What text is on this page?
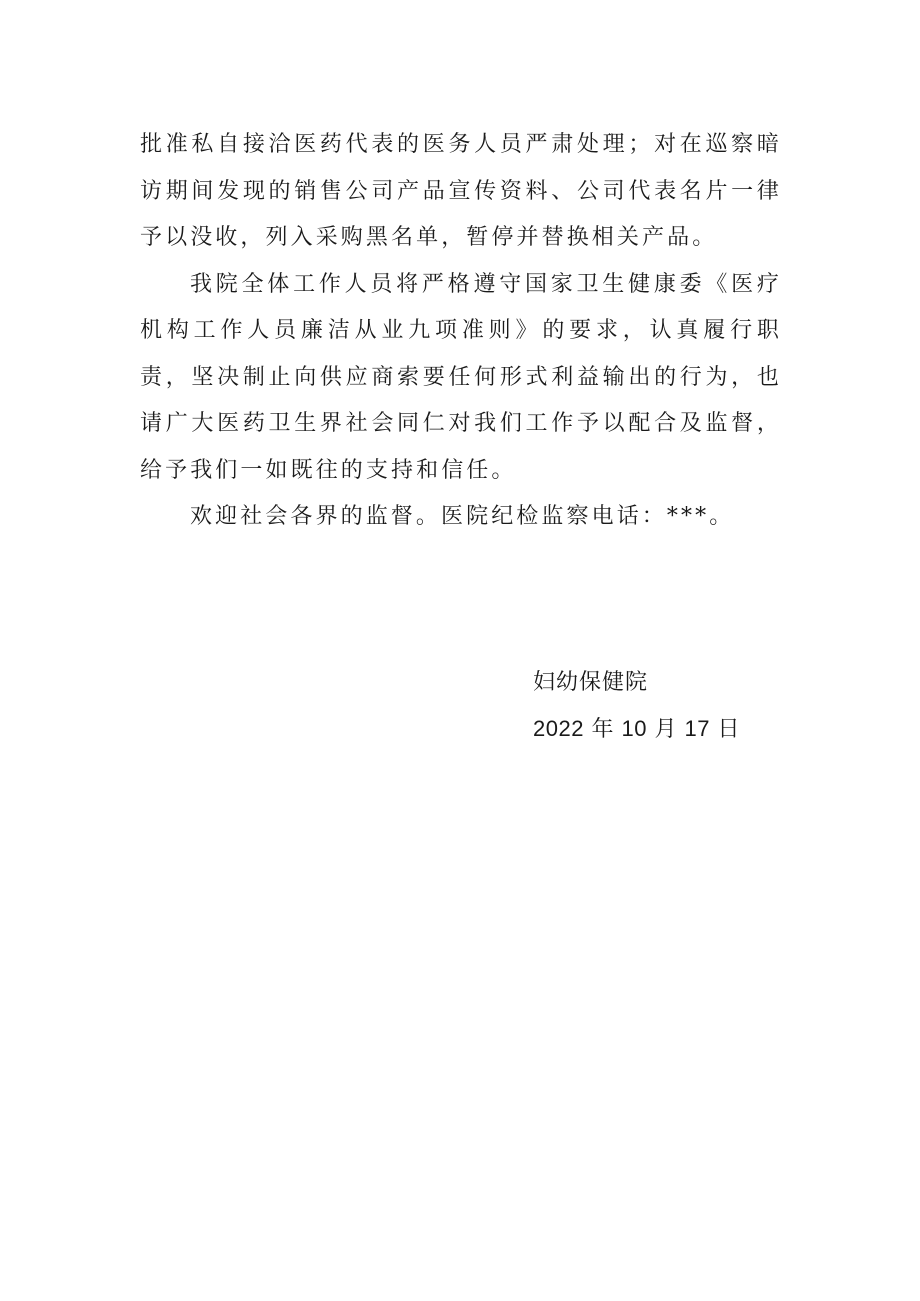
批准私自接洽医药代表的医务人员严肃处理；对在巡察暗访期间发现的销售公司产品宣传资料、公司代表名片一律予以没收，列入采购黑名单，暂停并替换相关产品。

我院全体工作人员将严格遵守国家卫生健康委《医疗机构工作人员廉洁从业九项准则》的要求，认真履行职责，坚决制止向供应商索要任何形式利益输出的行为，也请广大医药卫生界社会同仁对我们工作予以配合及监督，给予我们一如既往的支持和信任。

欢迎社会各界的监督。医院纪检监察电话：***。

妇幼保健院

2022 年 10 月 17 日
